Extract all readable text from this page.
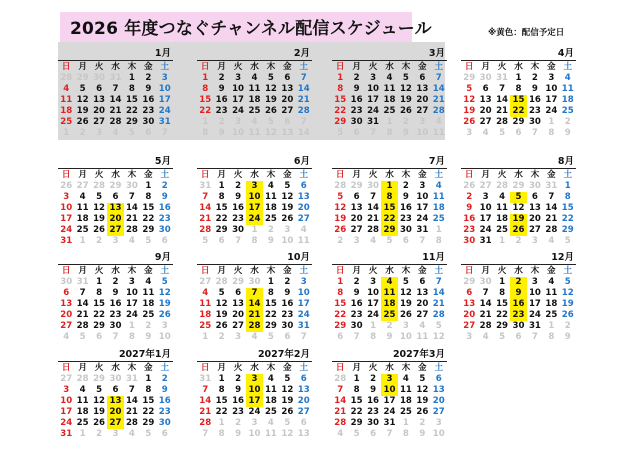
2026 年度つなぐチャンネル配信スケジュール	※黄色：配信予定日
1月
日 月 火 水 木 金 土
28 29 30 31 1	2	3
4	5	6	7	8	9 10
11 12 13 14 15 16 17
18 19 20 21 22 23 24
25 26 27 28 29 30 31
1	2	3	4	5	6	7
2月
日 月 火 水 木 金 土
1	2	3	4	5	6	7
8	9 10 11 12 13 14
15 16 17 18 19 20 21
22 23 24 25 26 27 28
1	2	3	4	5	6	7
8	9 10 11 12 13 14
3月
日 月 火 水 木 金 土
1	2	3	4	5	6	7
8	9 10 11 12 13 14
15 16 17 18 19 20 21
22 23 24 25 26 27 28
29 30 31 1	2	3	4
5	6	7	8	9 10 11
4月
日 月 火 水 木 金 土
29 30 31 1	2	3	4
5	6	7	8	9 10 11
12 13 14 15 16 17 18
19 20 21 22 23 24 25
26 27 28 29 30 1	2
3	4	5	6	7	8	9
5月
日 月 火 水 木 金 土
26 27 28 29 30 1	2
3	4	5	6	7	8	9
10 11 12 13 14 15 16
17 18 19 20 21 22 23
24 25 26 27 28 29 30
31 1	2	3	4	5	6
6月
日 月 火 水 木 金 土
31 1	2	3	4	5	6
7	8	9 10 11 12 13
14 15 16 17 18 19 20
21 22 23 24 25 26 27
28 29 30 1	2	3	4
5	6	7	8	9 10 11
7月
日 月 火 水 木 金 土
28 29 30 1	2	3	4
5	6	7	8	9 10 11
12 13 14 15 16 17 18
19 20 21 22 23 24 25
26 27 28 29 30 31 1
2	3	4	5	6	7	8
8月
日 月 火 水 木 金 土
26 27 28 29 30 31 1
2	3	4	5	6	7	8
9 10 11 12 13 14 15
16 17 18 19 20 21 22
23 24 25 26 27 28 29
30 31 1	2	3	4	5
9月
日 月 火 水 木 金 土
30 31 1	2	3	4	5
6	7	8	9 10 11 12
13 14 15 16 17 18 19
20 21 22 23 24 25 26
27 28 29 30 1	2	3
4	5	6	7	8	9 10
10月
日 月 火 水 木 金 土
27 28 29 30 1	2	3
4	5	6	7	8	9 10
11 12 13 14 15 16 17
18 19 20 21 22 23 24
25 26 27 28 29 30 31
1	2	3	4	5	6	7
11月
日 月 火 水 木 金 土
1	2	3	4	5	6	7
8	9 10 11 12 13 14
15 16 17 18 19 20 21
22 23 24 25 26 27 28
29 30 1	2	3	4	5
6	7	8	9 10 11 12
12月
日 月 火 水 木 金 土
29 30 1	2	3	4	5
6	7	8	9 10 11 12
13 14 15 16 17 18 19
20 21 22 23 24 25 26
27 28 29 30 31 1	2
3	4	5	6	7	8	9
2027年1月
日 月 火 水 木 金 土
27 28 29 30 31 1	2
3	4	5	6	7	8	9
10 11 12 13 14 15 16
17 18 19 20 21 22 23
24 25 26 27 28 29 30
31 1	2	3	4	5	6
2027年2月
日 月 火 水 木 金 土
31 1	2	3	4	5	6
7	8	9 10 11 12 13
14 15 16 17 18 19 20
21 22 23 24 25 26 27
28 1	2	3	4	5	6
7	8	9 10 11 12 13
2027年3月
日 月 火 水 木 金 土
28 1	2	3	4	5	6
7	8	9 10 11 12 13
14 15 16 17 18 19 20
21 22 23 24 25 26 27
28 29 30 31 1	2	3
4	5	6	7	8	9 10
